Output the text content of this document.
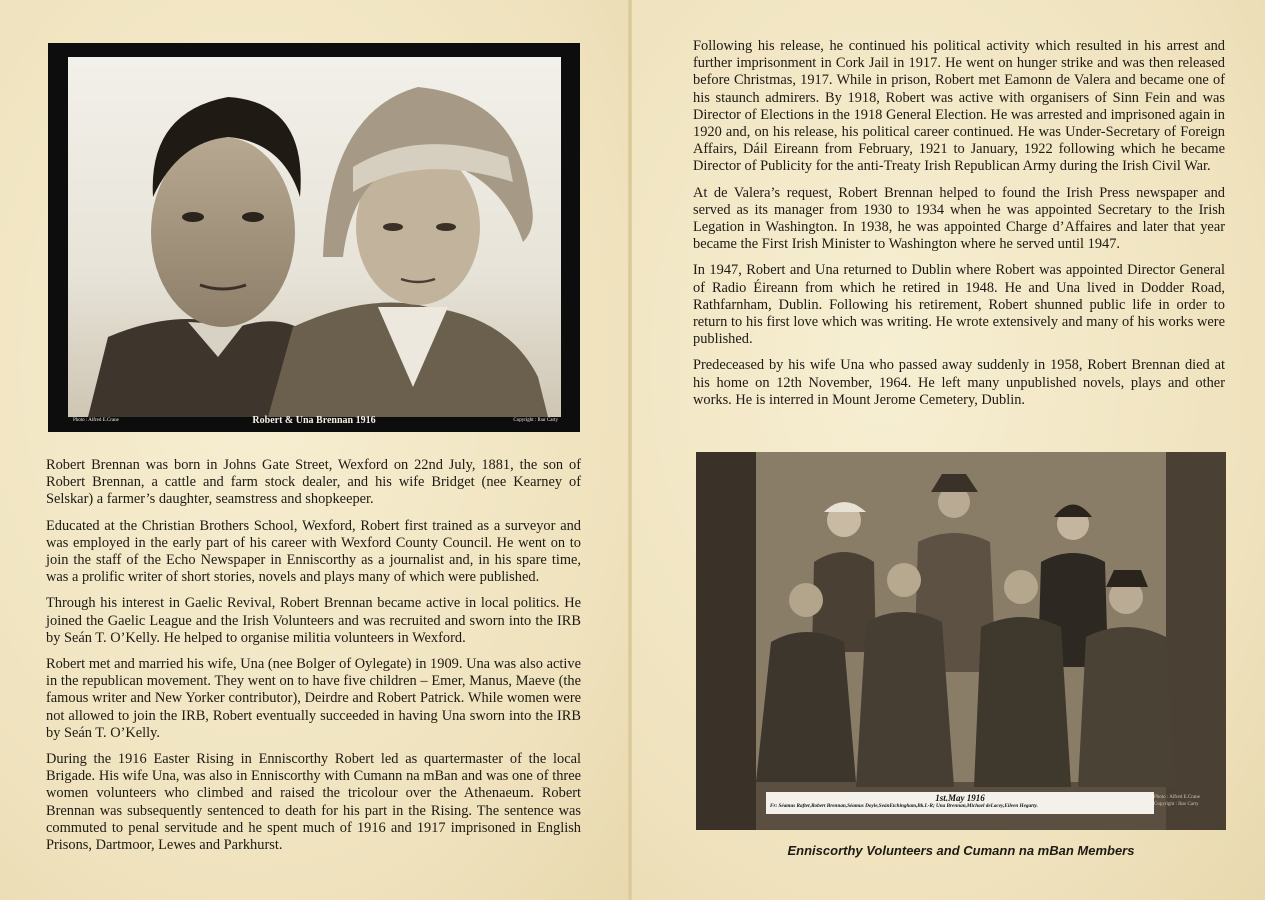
Photo : Alfred E.Crane	Robert & Una Brennan 1916	Copyright : Ibar Carty

Robert Brennan was born in Johns Gate Street, Wexford on 22nd July, 1881, the son of Robert Brennan, a cattle and farm stock dealer, and his wife Bridget (nee Kearney of Selskar) a farmer’s daughter, seamstress and shopkeeper.

Educated at the Christian Brothers School, Wexford, Robert first trained as a surveyor and was employed in the early part of his career with Wexford County Council. He went on to join the staff of the Echo Newspaper in Enniscorthy as a journalist and, in his spare time, was a prolific writer of short stories, novels and plays many of which were published.

Through his interest in Gaelic Revival, Robert Brennan became active in local politics. He joined the Gaelic League and the Irish Volunteers and was recruited and sworn into the IRB by Seán T. O’Kelly. He helped to organise militia volunteers in Wexford.

Robert met and married his wife, Una (nee Bolger of Oylegate) in 1909. Una was also active in the republican movement. They went on to have five children – Emer, Manus, Maeve (the famous writer and New Yorker contributor), Deirdre and Robert Patrick. While women were not allowed to join the IRB, Robert eventually succeeded in having Una sworn into the IRB by Seán T. O’Kelly.

During the 1916 Easter Rising in Enniscorthy Robert led as quartermaster of the local Brigade. His wife Una, was also in Enniscorthy with Cumann na mBan and was one of three women volunteers who climbed and raised the tricolour over the Athenaeum. Robert Brennan was subsequently sentenced to death for his part in the Rising. The sentence was commuted to penal servitude and he spent much of 1916 and 1917 imprisoned in English Prisons, Dartmoor, Lewes and Parkhurst.

Following his release, he continued his political activity which resulted in his arrest and further imprisonment in Cork Jail in 1917. He went on hunger strike and was then released before Christmas, 1917. While in prison, Robert met Eamonn de Valera and became one of his staunch admirers. By 1918, Robert was active with organisers of Sinn Fein and was Director of Elections in the 1918 General Election. He was arrested and imprisoned again in 1920 and, on his release, his political career continued. He was Under-Secretary of Foreign Affairs, Dáil Eireann from February, 1921 to January, 1922 following which he became Director of Publicity for the anti-Treaty Irish Republican Army during the Irish Civil War.

At de Valera’s request, Robert Brennan helped to found the Irish Press newspaper and served as its manager from 1930 to 1934 when he was appointed Secretary to the Irish Legation in Washington. In 1938, he was appointed Charge d’Affaires and later that year became the First Irish Minister to Washington where he served until 1947.

In 1947, Robert and Una returned to Dublin where Robert was appointed Director General of Radio Éireann from which he retired in 1948. He and Una lived in Dodder Road, Rathfarnham, Dublin. Following his retirement, Robert shunned public life in order to return to his first love which was writing. He wrote extensively and many of his works were published.

Predeceased by his wife Una who passed away suddenly in 1958, Robert Brennan died at his home on 12th November, 1964. He left many unpublished novels, plays and other works. He is interred in Mount Jerome Cemetery, Dublin.

1st.May 1916
Fr: Séamus Rafter,Robert Brennan,Séamus Doyle,SeánEtchingham,Bk.L-R; Una Brennan,Michael deLacey,Eileen Hegarty.
Photo : Alfred E.Crane
Copyright : Ibar Carty
Enniscorthy Volunteers and Cumann na mBan Members
